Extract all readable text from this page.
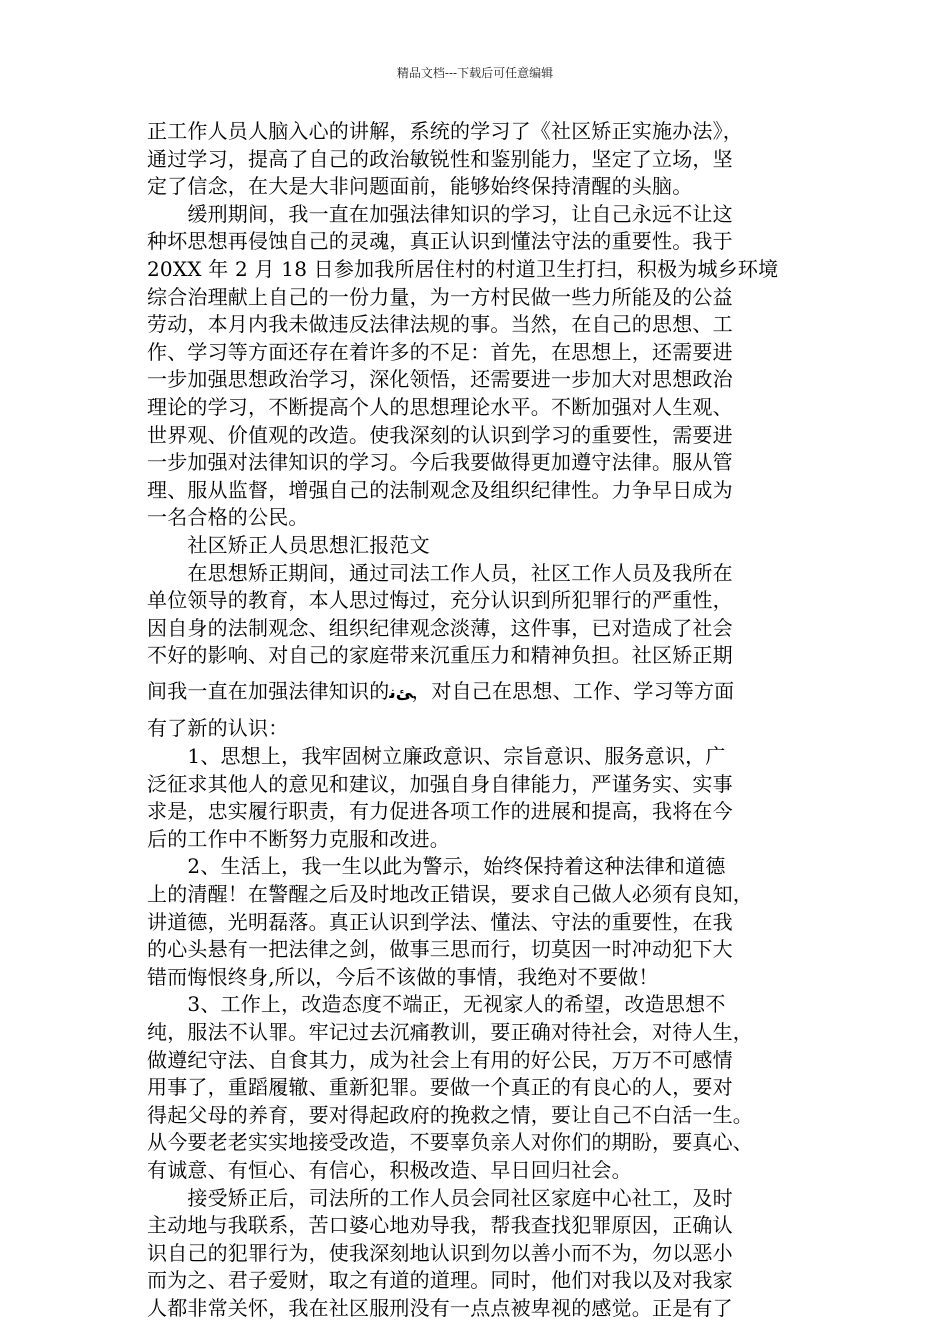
精品文档---下载后可任意编辑

正工作人员人脑入心的讲解，系统的学习了《社区矫正实施办法》，

通过学习，提高了自己的政治敏锐性和鉴别能力，坚定了立场，坚

定了信念，在大是大非问题面前，能够始终保持清醒的头脑。

　　缓刑期间，我一直在加强法律知识的学习，让自己永远不让这

种坏思想再侵蚀自己的灵魂，真正认识到懂法守法的重要性。我于

20XX 年 2 月 18 日参加我所居住村的村道卫生打扫，积极为城乡环境

综合治理献上自己的一份力量，为一方村民做一些力所能及的公益

劳动，本月内我未做违反法律法规的事。当然，在自己的思想、工

作、学习等方面还存在着许多的不足：首先，在思想上，还需要进

一步加强思想政治学习，深化领悟，还需要进一步加大对思想政治

理论的学习，不断提高个人的思想理论水平。不断加强对人生观、

世界观、价值观的改造。使我深刻的认识到学习的重要性，需要进

一步加强对法律知识的学习。今后我要做得更加遵守法律。服从管

理、服从监督，增强自己的法制观念及组织纪律性。力争早日成为

一名合格的公民。

　　社区矫正人员思想汇报范文

　　在思想矫正期间，通过司法工作人员，社区工作人员及我所在

单位领导的教育，本人思过悔过，充分认识到所犯罪行的严重性，

因自身的法制观念、组织纪律观念淡薄，这件事，已对造成了社会

不好的影响、对自己的家庭带来沉重压力和精神负担。社区矫正期

间我一直在加强法律知识的ﺊﻧ，对自己在思想、工作、学习等方面

有了新的认识：

　　1、思想上，我牢固树立廉政意识、宗旨意识、服务意识，广

泛征求其他人的意见和建议，加强自身自律能力，严谨务实、实事

求是，忠实履行职责，有力促进各项工作的进展和提高，我将在今

后的工作中不断努力克服和改进。

　　2、生活上，我一生以此为警示，始终保持着这种法律和道德

上的清醒！在警醒之后及时地改正错误，要求自己做人必须有良知，

讲道德，光明磊落。真正认识到学法、懂法、守法的重要性，在我

的心头悬有一把法律之剑，做事三思而行，切莫因一时冲动犯下大

错而悔恨终身,所以，今后不该做的事情，我绝对不要做！

　　3、工作上，改造态度不端正，无视家人的希望，改造思想不

纯，服法不认罪。牢记过去沉痛教训，要正确对待社会，对待人生，

做遵纪守法、自食其力，成为社会上有用的好公民，万万不可感情

用事了，重蹈履辙、重新犯罪。要做一个真正的有良心的人，要对

得起父母的养育，要对得起政府的挽救之情，要让自己不白活一生。

从今要老老实实地接受改造，不要辜负亲人对你们的期盼，要真心、

有诚意、有恒心、有信心，积极改造、早日回归社会。

　　接受矫正后，司法所的工作人员会同社区家庭中心社工，及时

主动地与我联系，苦口婆心地劝导我，帮我查找犯罪原因，正确认

识自己的犯罪行为，使我深刻地认识到勿以善小而不为，勿以恶小

而为之、君子爱财，取之有道的道理。同时，他们对我以及对我家

人都非常关怀，我在社区服刑没有一点点被卑视的感觉。正是有了
